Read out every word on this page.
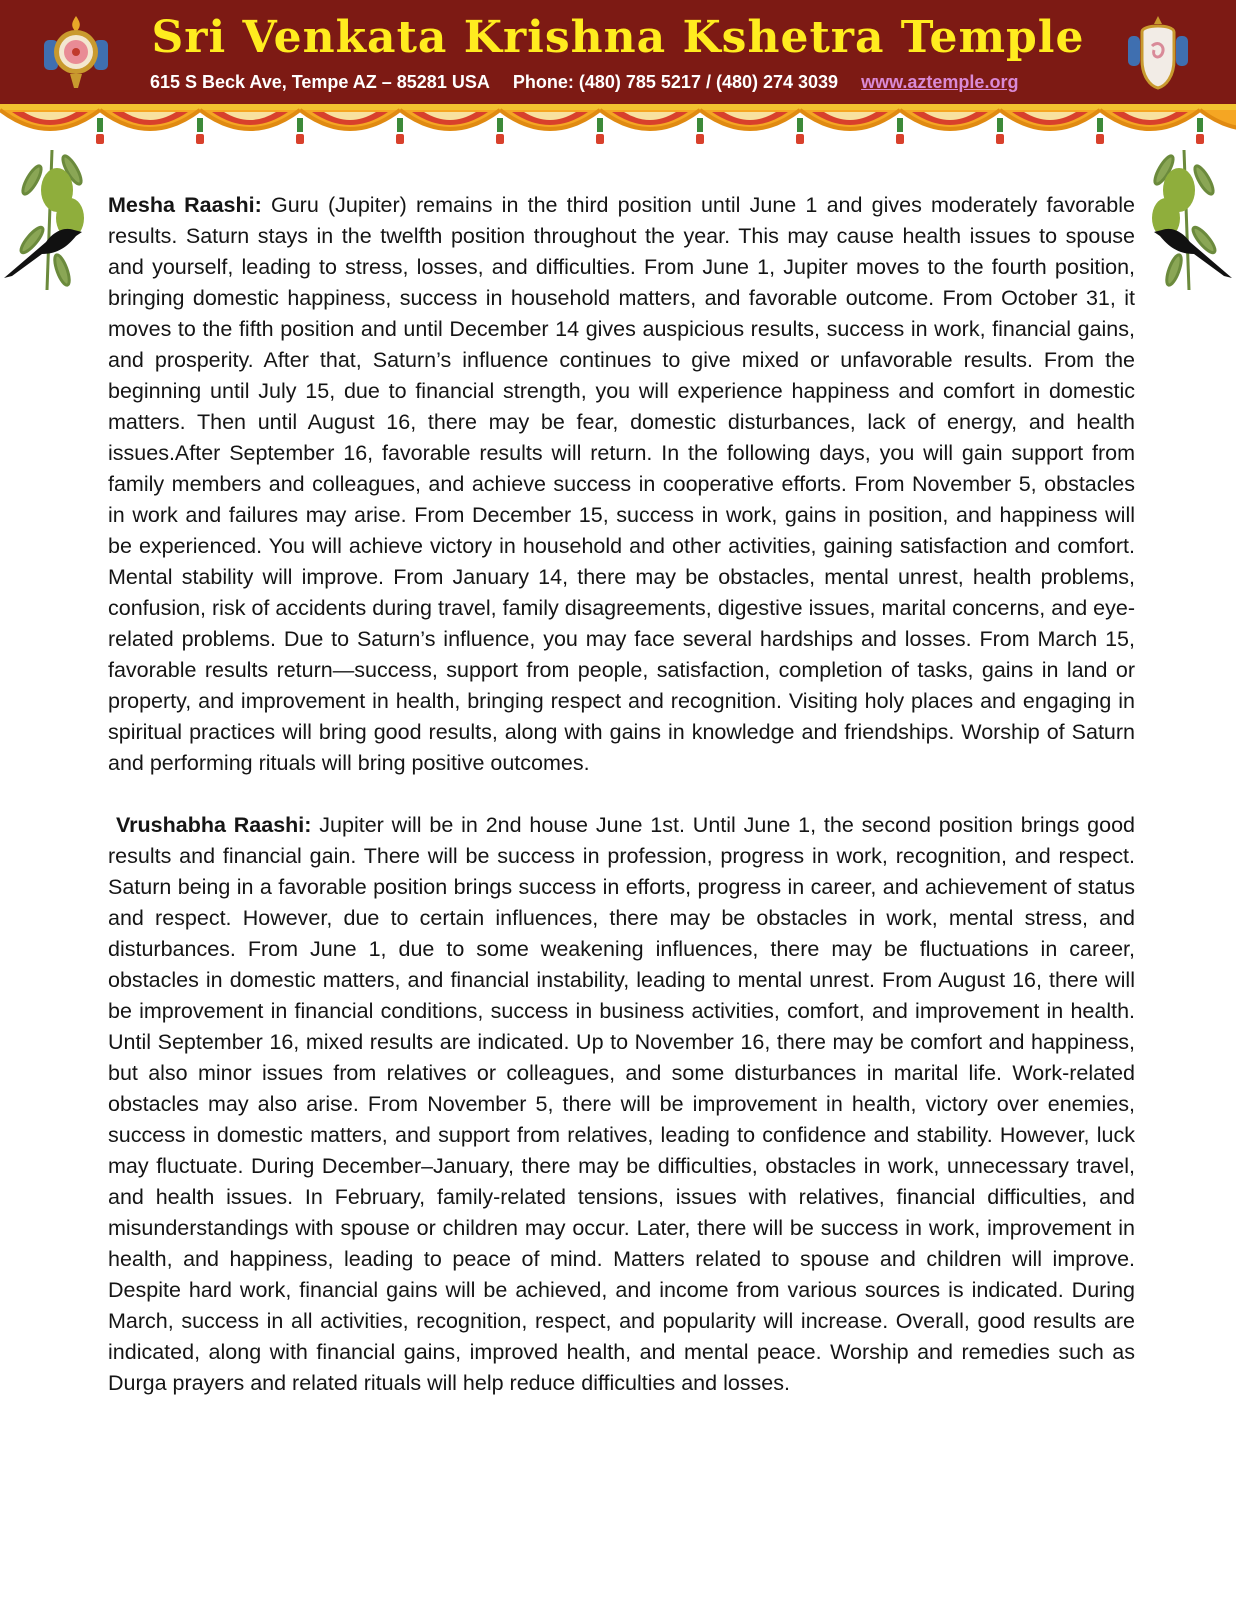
Sri Venkata Krishna Kshetra Temple
615 S Beck Ave, Tempe AZ – 85281 USA Phone: (480) 785 5217 / (480) 274 3039 www.aztemple.org

Mesha Raashi: Guru (Jupiter) remains in the third position until June 1 and gives moderately favorable results. Saturn stays in the twelfth position throughout the year. This may cause health issues to spouse and yourself, leading to stress, losses, and difficulties. From June 1, Jupiter moves to the fourth position, bringing domestic happiness, success in household matters, and favorable outcome. From October 31, it moves to the fifth position and until December 14 gives auspicious results, success in work, financial gains, and prosperity. After that, Saturn’s influence continues to give mixed or unfavorable results. From the beginning until July 15, due to financial strength, you will experience happiness and comfort in domestic matters. Then until August 16, there may be fear, domestic disturbances, lack of energy, and health issues.After September 16, favorable results will return. In the following days, you will gain support from family members and colleagues, and achieve success in cooperative efforts. From November 5, obstacles in work and failures may arise. From December 15, success in work, gains in position, and happiness will be experienced. You will achieve victory in household and other activities, gaining satisfaction and comfort. Mental stability will improve. From January 14, there may be obstacles, mental unrest, health problems, confusion, risk of accidents during travel, family disagreements, digestive issues, marital concerns, and eye-related problems. Due to Saturn’s influence, you may face several hardships and losses. From March 15, favorable results return—success, support from people, satisfaction, completion of tasks, gains in land or property, and improvement in health, bringing respect and recognition. Visiting holy places and engaging in spiritual practices will bring good results, along with gains in knowledge and friendships. Worship of Saturn and performing rituals will bring positive outcomes.

Vrushabha Raashi: Jupiter will be in 2nd house June 1st. Until June 1, the second position brings good results and financial gain. There will be success in profession, progress in work, recognition, and respect. Saturn being in a favorable position brings success in efforts, progress in career, and achievement of status and respect. However, due to certain influences, there may be obstacles in work, mental stress, and disturbances. From June 1, due to some weakening influences, there may be fluctuations in career, obstacles in domestic matters, and financial instability, leading to mental unrest. From August 16, there will be improvement in financial conditions, success in business activities, comfort, and improvement in health. Until September 16, mixed results are indicated. Up to November 16, there may be comfort and happiness, but also minor issues from relatives or colleagues, and some disturbances in marital life. Work-related obstacles may also arise. From November 5, there will be improvement in health, victory over enemies, success in domestic matters, and support from relatives, leading to confidence and stability. However, luck may fluctuate. During December–January, there may be difficulties, obstacles in work, unnecessary travel, and health issues. In February, family-related tensions, issues with relatives, financial difficulties, and misunderstandings with spouse or children may occur. Later, there will be success in work, improvement in health, and happiness, leading to peace of mind. Matters related to spouse and children will improve. Despite hard work, financial gains will be achieved, and income from various sources is indicated. During March, success in all activities, recognition, respect, and popularity will increase. Overall, good results are indicated, along with financial gains, improved health, and mental peace. Worship and remedies such as Durga prayers and related rituals will help reduce difficulties and losses.
